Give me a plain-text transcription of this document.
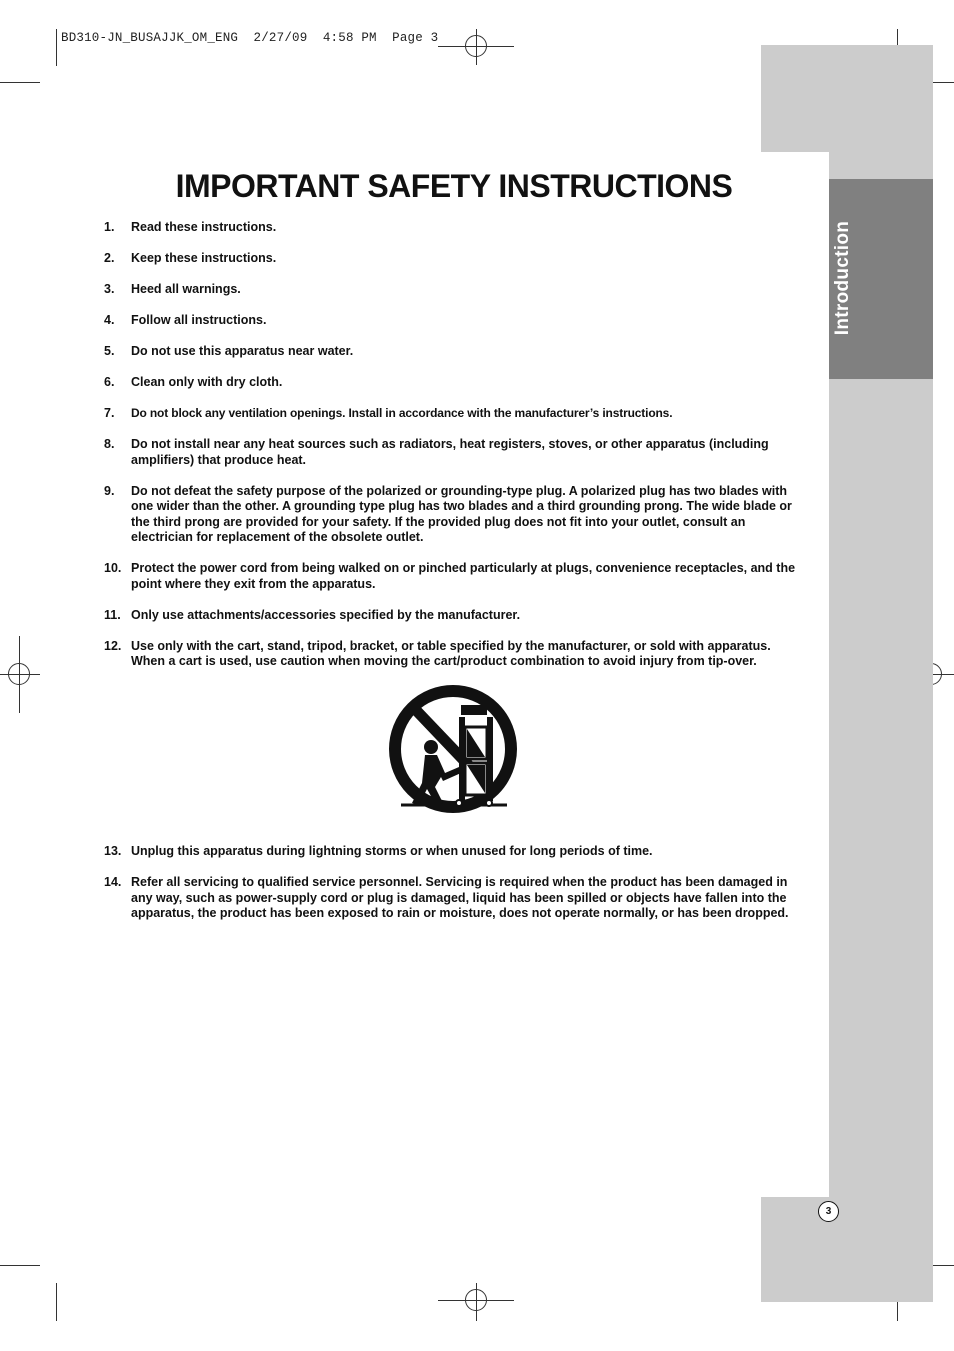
BD310-JN_BUSAJJK_OM_ENG  2/27/09  4:58 PM  Page 3
Introduction
3
IMPORTANT SAFETY INSTRUCTIONS
1.	Read these instructions.
2.	Keep these instructions.
3.	Heed all warnings.
4.	Follow all instructions.
5.	Do not use this apparatus near water.
6.	Clean only with dry cloth.
7.	Do not block any ventilation openings. Install in accordance with the manufacturer’s instructions.
8.	Do not install near any heat sources such as radiators, heat registers, stoves, or other apparatus (including amplifiers) that produce heat.
9.	Do not defeat the safety purpose of the polarized or grounding-type plug. A polarized plug has two blades with one wider than the other. A grounding type plug has two blades and a third grounding prong. The wide blade or the third prong are provided for your safety. If the provided plug does not fit into your outlet, consult an electrician for replacement of the obsolete outlet.
10. Protect the power cord from being walked on or pinched particularly at plugs, convenience receptacles, and the point where they exit from the apparatus.
11. Only use attachments/accessories specified by the manufacturer.
12. Use only with the cart, stand, tripod, bracket, or table specified by the manufacturer, or sold with apparatus. When a cart is used, use caution when moving the cart/product combination to avoid injury from tip-over.
13. Unplug this apparatus during lightning storms or when unused for long periods of time.
14. Refer all servicing to qualified service personnel. Servicing is required when the product has been damaged in any way, such as power-supply cord or plug is damaged, liquid has been spilled or objects have fallen into the apparatus, the product has been exposed to rain or moisture, does not operate normally, or has been dropped.
